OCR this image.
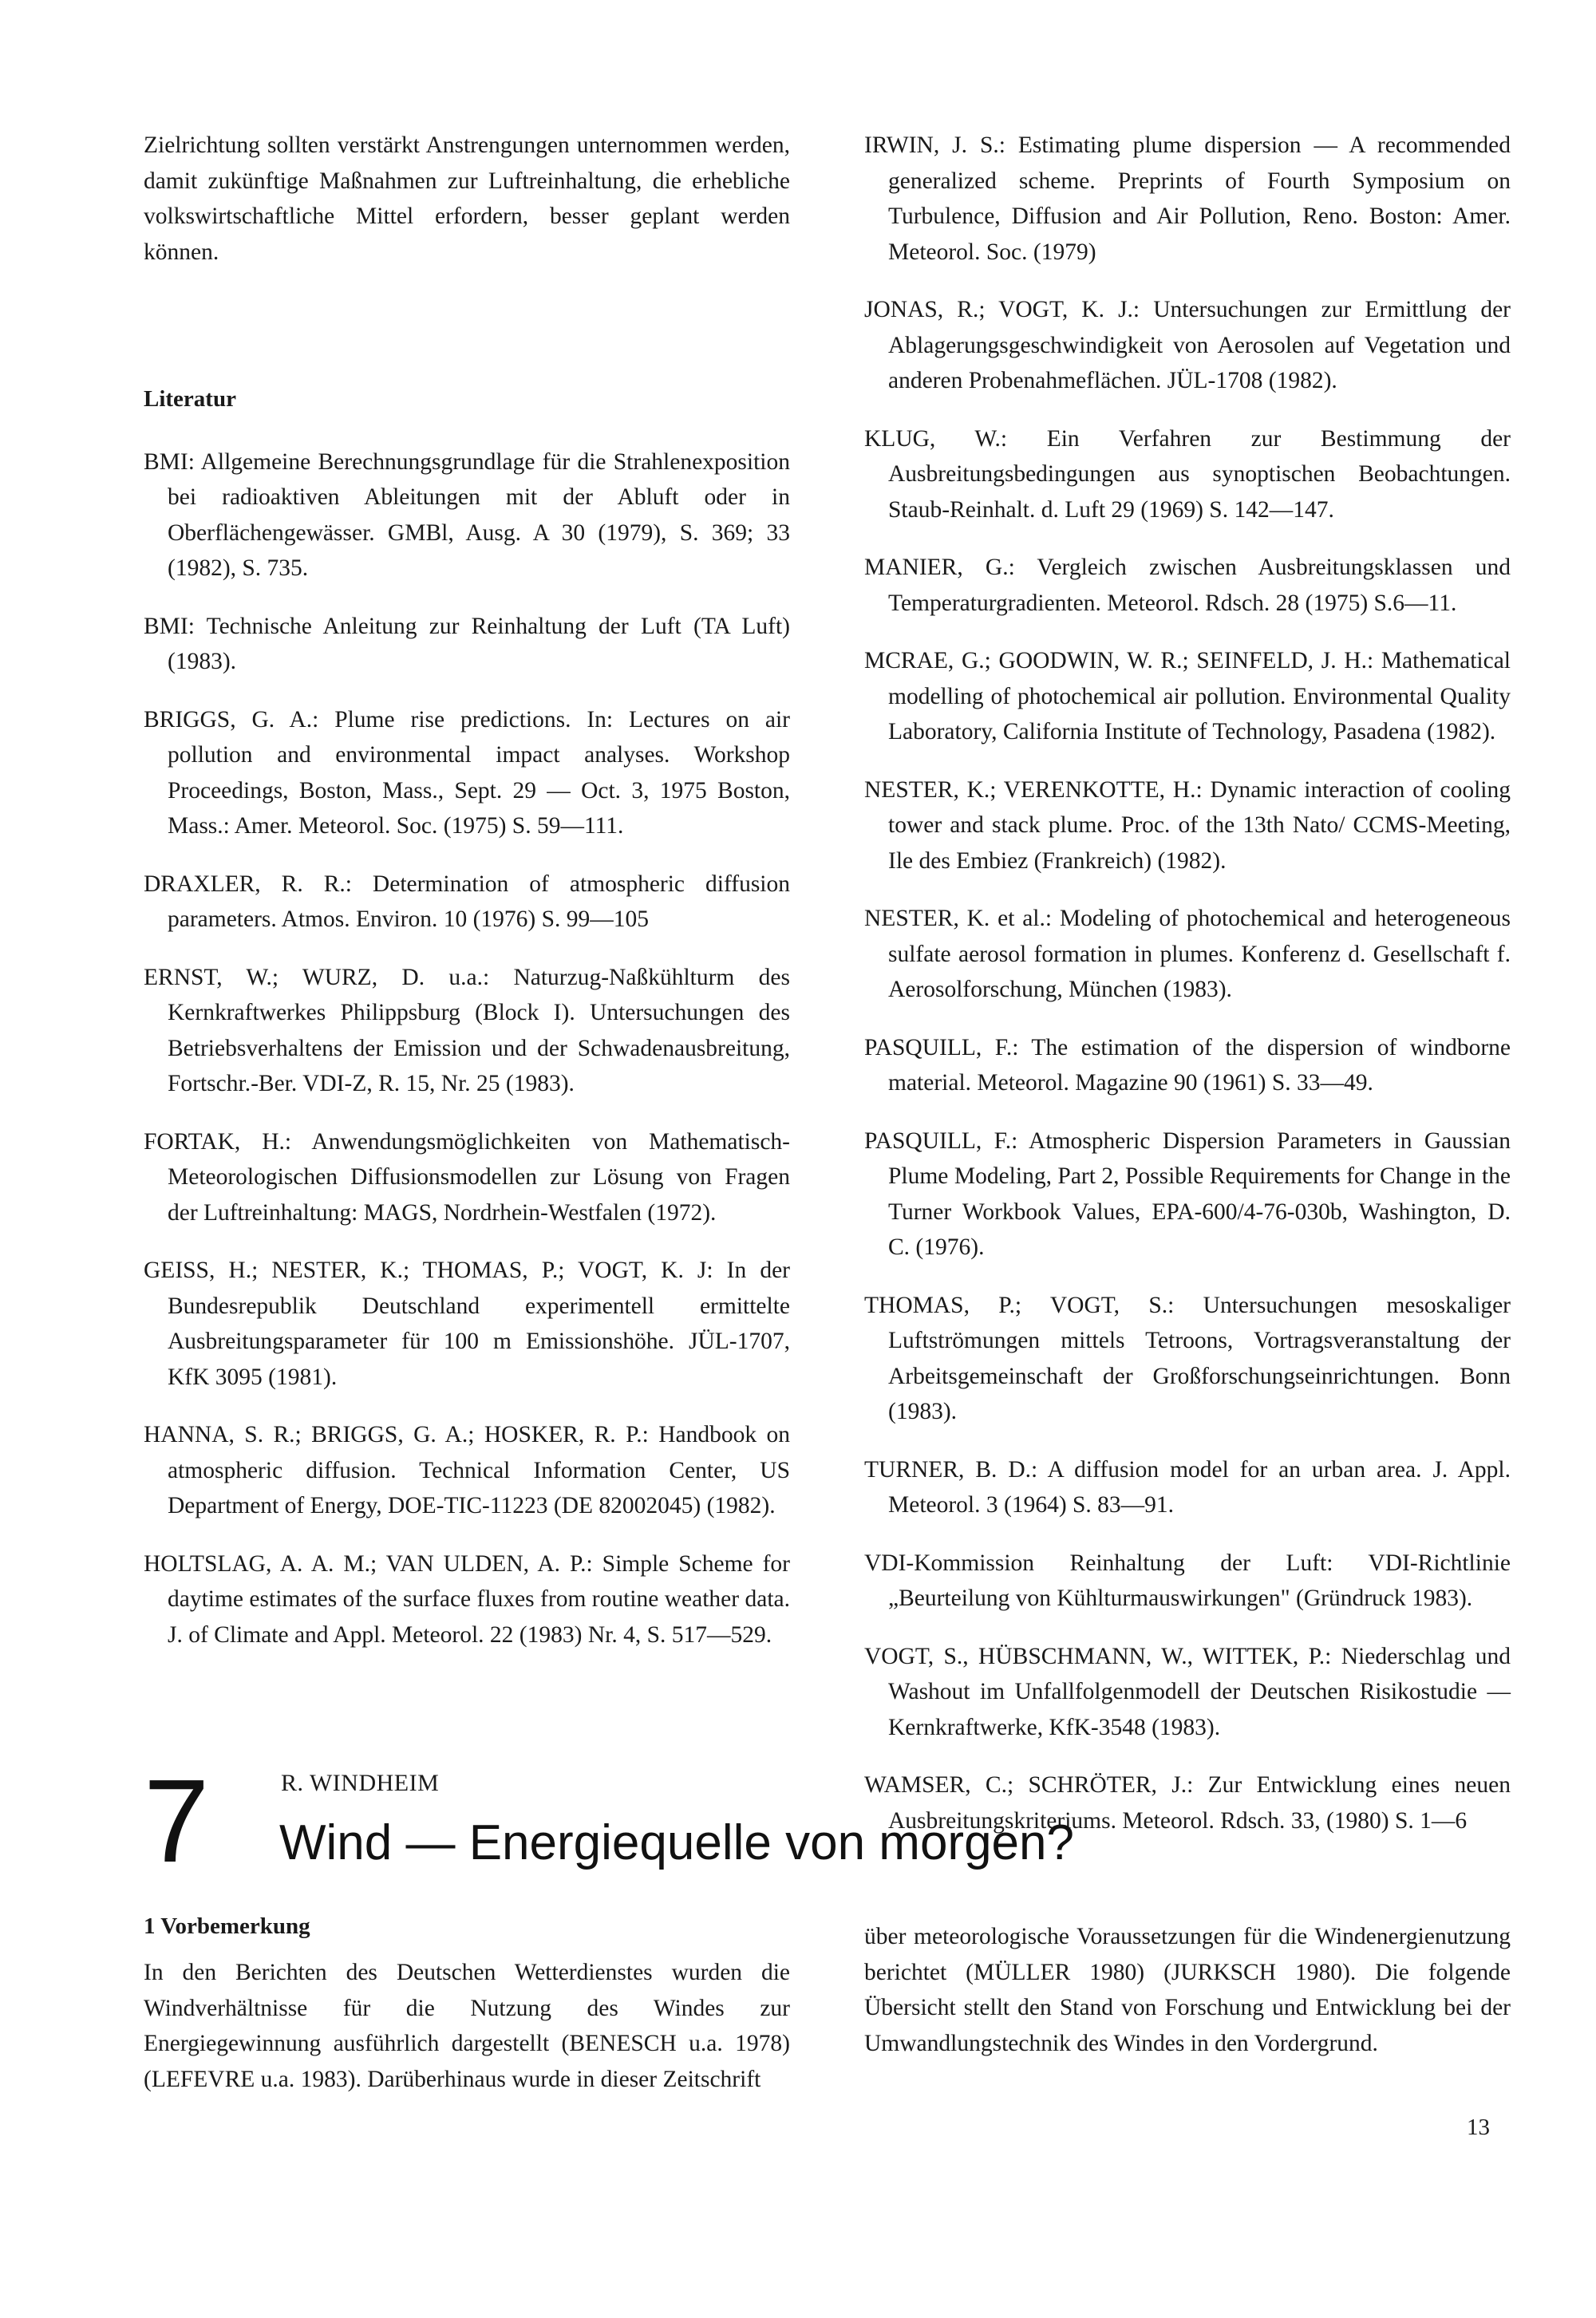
Zielrichtung sollten verstärkt Anstrengungen unternommen werden, damit zukünftige Maßnahmen zur Luftreinhaltung, die erhebliche volkswirtschaftliche Mittel erfordern, besser geplant werden können.

Literatur

BMI: Allgemeine Berechnungsgrundlage für die Strahlenexposition bei radioaktiven Ableitungen mit der Abluft oder in Oberflächengewässer. GMBl, Ausg. A 30 (1979), S. 369; 33 (1982), S. 735.

BMI: Technische Anleitung zur Reinhaltung der Luft (TA Luft) (1983).

BRIGGS, G. A.: Plume rise predictions. In: Lectures on air pollution and environmental impact analyses. Workshop Proceedings, Boston, Mass., Sept. 29 — Oct. 3, 1975 Boston, Mass.: Amer. Meteorol. Soc. (1975) S. 59—111.

DRAXLER, R. R.: Determination of atmospheric diffusion parameters. Atmos. Environ. 10 (1976) S. 99—105

ERNST, W.; WURZ, D. u.a.: Naturzug-Naßkühlturm des Kernkraftwerkes Philippsburg (Block I). Untersuchungen des Betriebsverhaltens der Emission und der Schwadenausbreitung, Fortschr.-Ber. VDI-Z, R. 15, Nr. 25 (1983).

FORTAK, H.: Anwendungsmöglichkeiten von Mathematisch-Meteorologischen Diffusionsmodellen zur Lösung von Fragen der Luftreinhaltung: MAGS, Nordrhein-Westfalen (1972).

GEISS, H.; NESTER, K.; THOMAS, P.; VOGT, K. J: In der Bundesrepublik Deutschland experimentell ermittelte Ausbreitungsparameter für 100 m Emissionshöhe. JÜL-1707, KfK 3095 (1981).

HANNA, S. R.; BRIGGS, G. A.; HOSKER, R. P.: Handbook on atmospheric diffusion. Technical Information Center, US Department of Energy, DOE-TIC-11223 (DE 82002045) (1982).

HOLTSLAG, A. A. M.; VAN ULDEN, A. P.: Simple Scheme for daytime estimates of the surface fluxes from routine weather data. J. of Climate and Appl. Meteorol. 22 (1983) Nr. 4, S. 517—529.

IRWIN, J. S.: Estimating plume dispersion — A recommended generalized scheme. Preprints of Fourth Symposium on Turbulence, Diffusion and Air Pollution, Reno. Boston: Amer. Meteorol. Soc. (1979)

JONAS, R.; VOGT, K. J.: Untersuchungen zur Ermittlung der Ablagerungsgeschwindigkeit von Aerosolen auf Vegetation und anderen Probenahmeflächen. JÜL-1708 (1982).

KLUG, W.: Ein Verfahren zur Bestimmung der Ausbreitungsbedingungen aus synoptischen Beobachtungen. Staub-Reinhalt. d. Luft 29 (1969) S. 142—147.

MANIER, G.: Vergleich zwischen Ausbreitungsklassen und Temperaturgradienten. Meteorol. Rdsch. 28 (1975) S.6—11.

MCRAE, G.; GOODWIN, W. R.; SEINFELD, J. H.: Mathematical modelling of photochemical air pollution. Environmental Quality Laboratory, California Institute of Technology, Pasadena (1982).

NESTER, K.; VERENKOTTE, H.: Dynamic interaction of cooling tower and stack plume. Proc. of the 13th Nato/ CCMS-Meeting, Ile des Embiez (Frankreich) (1982).

NESTER, K. et al.: Modeling of photochemical and heterogeneous sulfate aerosol formation in plumes. Konferenz d. Gesellschaft f. Aerosolforschung, München (1983).

PASQUILL, F.: The estimation of the dispersion of windborne material. Meteorol. Magazine 90 (1961) S. 33—49.

PASQUILL, F.: Atmospheric Dispersion Parameters in Gaussian Plume Modeling, Part 2, Possible Requirements for Change in the Turner Workbook Values, EPA-600/4-76-030b, Washington, D. C. (1976).

THOMAS, P.; VOGT, S.: Untersuchungen mesoskaliger Luftströmungen mittels Tetroons, Vortragsveranstaltung der Arbeitsgemeinschaft der Großforschungseinrichtungen. Bonn (1983).

TURNER, B. D.: A diffusion model for an urban area. J. Appl. Meteorol. 3 (1964) S. 83—91.

VDI-Kommission Reinhaltung der Luft: VDI-Richtlinie „Beurteilung von Kühlturmauswirkungen" (Gründruck 1983).

VOGT, S., HÜBSCHMANN, W., WITTEK, P.: Niederschlag und Washout im Unfallfolgenmodell der Deutschen Risikostudie — Kernkraftwerke, KfK-3548 (1983).

WAMSER, C.; SCHRÖTER, J.: Zur Entwicklung eines neuen Ausbreitungskriteriums. Meteorol. Rdsch. 33, (1980) S. 1—6

7	R. WINDHEIM
Wind — Energiequelle von morgen?
1 Vorbemerkung

In den Berichten des Deutschen Wetterdienstes wurden die Windverhältnisse für die Nutzung des Windes zur Energiegewinnung ausführlich dargestellt (BENESCH u.a. 1978) (LEFEVRE u.a. 1983). Darüberhinaus wurde in dieser Zeitschrift

über meteorologische Voraussetzungen für die Windenergienutzung berichtet (MÜLLER 1980) (JURKSCH 1980). Die folgende Übersicht stellt den Stand von Forschung und Entwicklung bei der Umwandlungstechnik des Windes in den Vordergrund.

13
